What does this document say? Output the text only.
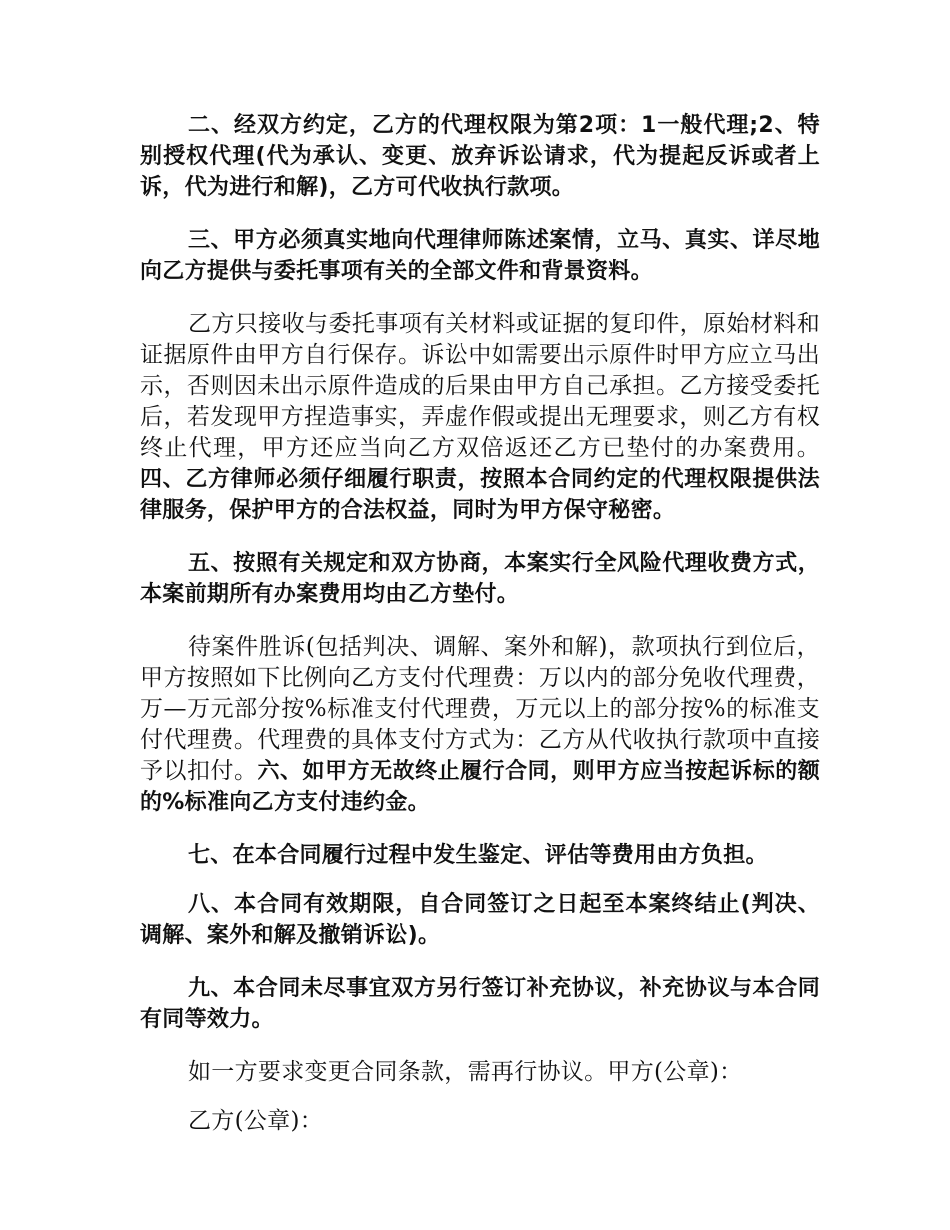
二、经双方约定，乙方的代理权限为第2项：1一般代理;2、特别授权代理(代为承认、变更、放弃诉讼请求，代为提起反诉或者上诉，代为进行和解)，乙方可代收执行款项。

三、甲方必须真实地向代理律师陈述案情，立马、真实、详尽地向乙方提供与委托事项有关的全部文件和背景资料。

乙方只接收与委托事项有关材料或证据的复印件，原始材料和证据原件由甲方自行保存。诉讼中如需要出示原件时甲方应立马出示，否则因未出示原件造成的后果由甲方自己承担。乙方接受委托后，若发现甲方捏造事实，弄虚作假或提出无理要求，则乙方有权终止代理，甲方还应当向乙方双倍返还乙方已垫付的办案费用。四、乙方律师必须仔细履行职责，按照本合同约定的代理权限提供法律服务，保护甲方的合法权益，同时为甲方保守秘密。

五、按照有关规定和双方协商，本案实行全风险代理收费方式，本案前期所有办案费用均由乙方垫付。

待案件胜诉(包括判决、调解、案外和解)，款项执行到位后，甲方按照如下比例向乙方支付代理费：万以内的部分免收代理费，万—万元部分按%标准支付代理费，万元以上的部分按%的标准支付代理费。代理费的具体支付方式为：乙方从代收执行款项中直接予以扣付。六、如甲方无故终止履行合同，则甲方应当按起诉标的额的%标准向乙方支付违约金。

七、在本合同履行过程中发生鉴定、评估等费用由方负担。

八、本合同有效期限，自合同签订之日起至本案终结止(判决、调解、案外和解及撤销诉讼)。

九、本合同未尽事宜双方另行签订补充协议，补充协议与本合同有同等效力。

如一方要求变更合同条款，需再行协议。甲方(公章)：

乙方(公章)：
